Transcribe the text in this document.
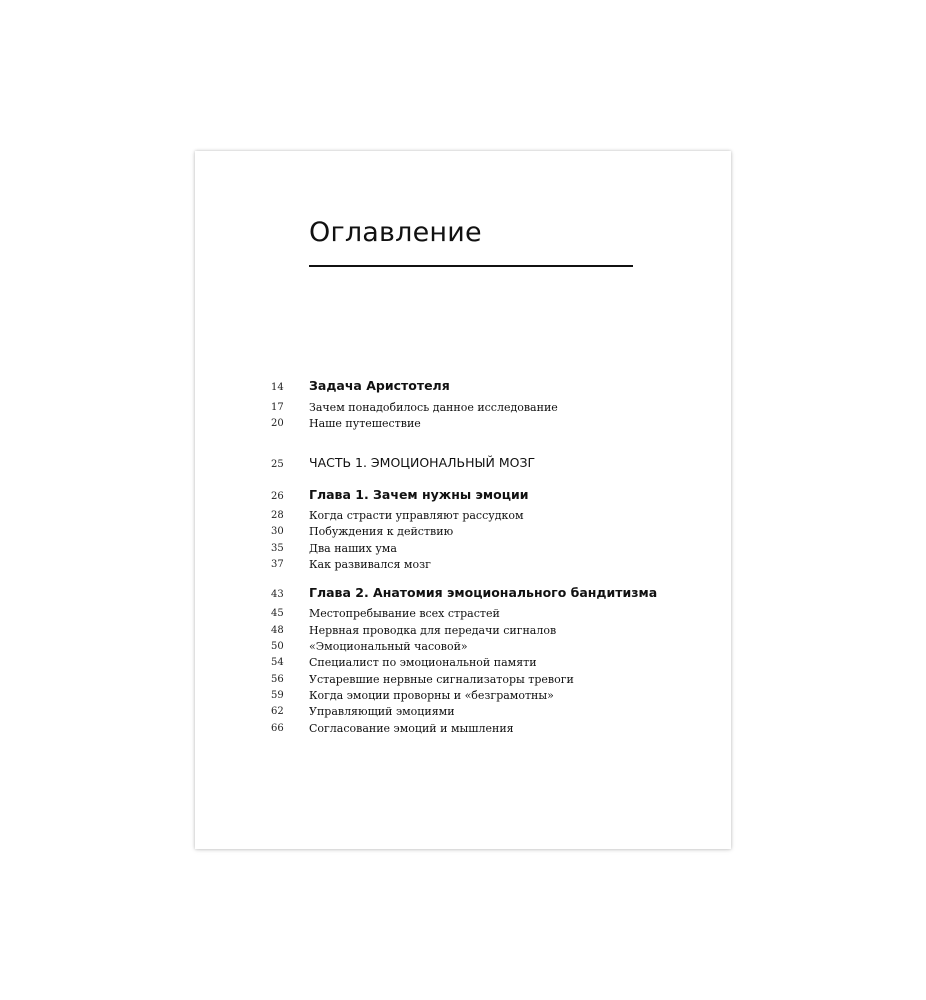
Оглавление
14 Задача Аристотеля
17 Зачем понадобилось данное исследование
20 Наше путешествие
25 ЧАСТЬ 1. ЭМОЦИОНАЛЬНЫЙ МОЗГ
26 Глава 1. Зачем нужны эмоции
28 Когда страсти управляют рассудком
30 Побуждения к действию
35 Два наших ума
37 Как развивался мозг
43 Глава 2. Анатомия эмоционального бандитизма
45 Местопребывание всех страстей
48 Нервная проводка для передачи сигналов
50 «Эмоциональный часовой»
54 Специалист по эмоциональной памяти
56 Устаревшие нервные сигнализаторы тревоги
59 Когда эмоции проворны и «безграмотны»
62 Управляющий эмоциями
66 Согласование эмоций и мышления
